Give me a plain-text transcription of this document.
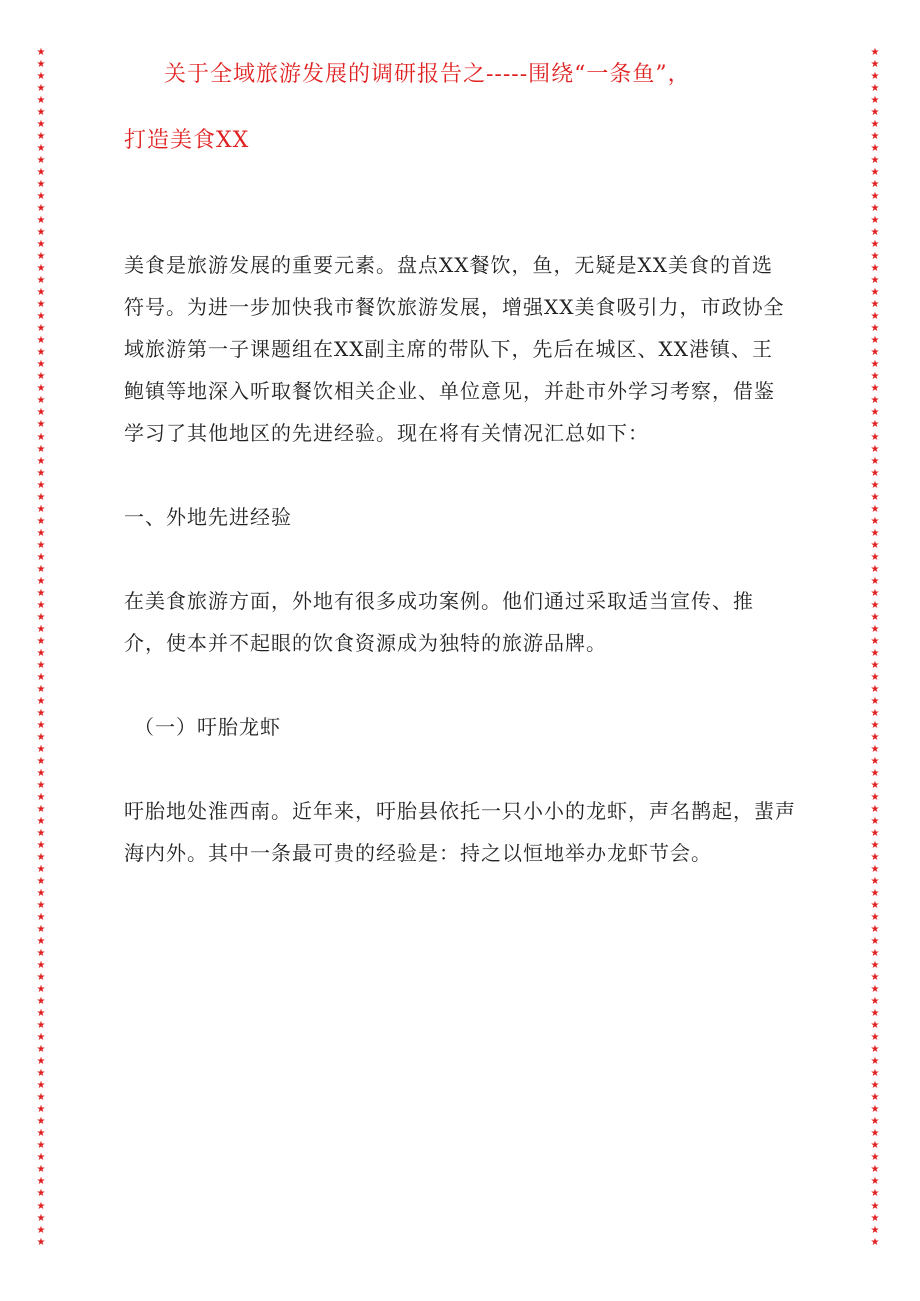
★
★
★
★
★
★
★
★
★
★
★
★
★
★
★
★
★
★
★
★
★
★
★
★
★
★
★
★
★
★
★
★
★
★
★
★
★
★
★
★
★
★
★
★
★
★
★
★
★
★
★
★
★
★
★
★
★
★
★
★
★
★
★
★
★
★
★
★
★
★
★
★
★
★
★
★
★
★
★
★
★
★
★
★
★
★
★
★
★
★
★
★
★
★
★
★
★
★
★
★
★
★
★
★
★
★
★
★
★
★
★
★
★
★
★
★
★
★
★
★
★
★
★
★
★
★
★
★
★
★
★
★
★
★
★
★
★
★
★
★
★
★
★
★
★
★
★
★
★
★
★
★
★
★
★
★
★
★
★
★
★
★
★
★
★
★
★
★
★
★
★
★
★
★
★
★
★
★
★
★
★
★
★
★
★
★
★
★
★
★
★
★
★
★
★
★
★
★
★
★

关于全域旅游发展的调研报告之-----围绕“一条鱼”，

打造美食XX

美食是旅游发展的重要元素。盘点XX餐饮，鱼，无疑是XX美食的首选

符号。为进一步加快我市餐饮旅游发展，增强XX美食吸引力，市政协全

域旅游第一子课题组在XX副主席的带队下，先后在城区、XX港镇、王

鲍镇等地深入听取餐饮相关企业、单位意见，并赴市外学习考察，借鉴

学习了其他地区的先进经验。现在将有关情况汇总如下：

一、外地先进经验

在美食旅游方面，外地有很多成功案例。他们通过采取适当宣传、推

介，使本并不起眼的饮食资源成为独特的旅游品牌。

（一）吁胎龙虾

吁胎地处淮西南。近年来，吁胎县依托一只小小的龙虾，声名鹊起，蜚声

海内外。其中一条最可贵的经验是：持之以恒地举办龙虾节会。
